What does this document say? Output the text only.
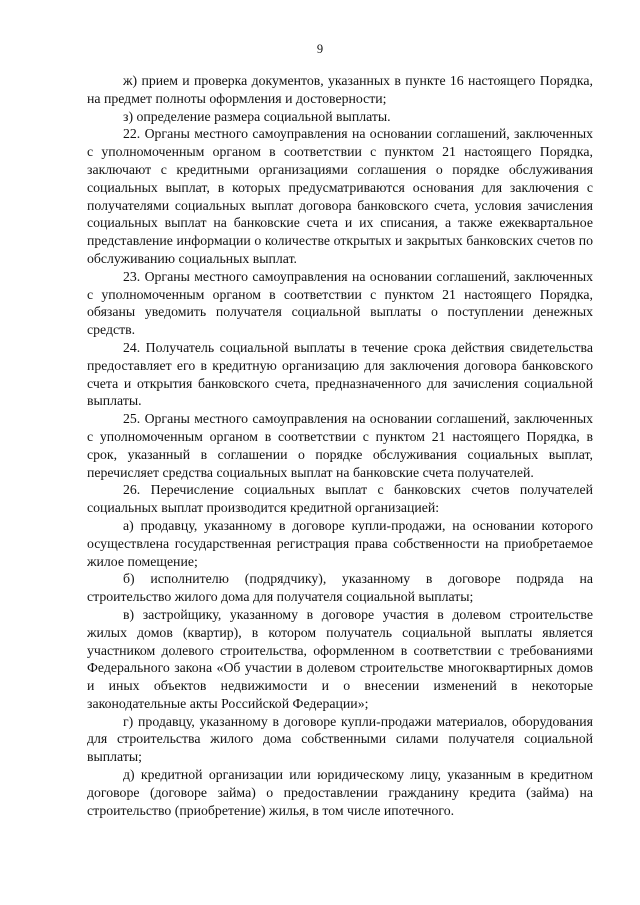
9

ж) прием и проверка документов, указанных в пункте 16 настоящего Порядка, на предмет полноты оформления и достоверности;

з) определение размера социальной выплаты.

22. Органы местного самоуправления на основании соглашений, заключенных с уполномоченным органом в соответствии с пунктом 21 настоящего Порядка, заключают с кредитными организациями соглашения о порядке обслуживания социальных выплат, в которых предусматриваются основания для заключения с получателями социальных выплат договора банковского счета, условия зачисления социальных выплат на банковские счета и их списания, а также ежеквартальное представление информации о количестве открытых и закрытых банковских счетов по обслуживанию социальных выплат.

23. Органы местного самоуправления на основании соглашений, заключенных с уполномоченным органом в соответствии с пунктом 21 настоящего Порядка, обязаны уведомить получателя социальной выплаты о поступлении денежных средств.

24. Получатель социальной выплаты в течение срока действия свидетельства предоставляет его в кредитную организацию для заключения договора банковского счета и открытия банковского счета, предназначенного для зачисления социальной выплаты.

25. Органы местного самоуправления на основании соглашений, заключенных с уполномоченным органом в соответствии с пунктом 21 настоящего Порядка, в срок, указанный в соглашении о порядке обслуживания социальных выплат, перечисляет средства социальных выплат на банковские счета получателей.

26. Перечисление социальных выплат с банковских счетов получателей социальных выплат производится кредитной организацией:

а) продавцу, указанному в договоре купли-продажи, на основании которого осуществлена государственная регистрация права собственности на приобретаемое жилое помещение;

б) исполнителю (подрядчику), указанному в договоре подряда на строительство жилого дома для получателя социальной выплаты;

в) застройщику, указанному в договоре участия в долевом строительстве жилых домов (квартир), в котором получатель социальной выплаты является участником долевого строительства, оформленном в соответствии с требованиями Федерального закона «Об участии в долевом строительстве многоквартирных домов и иных объектов недвижимости и о внесении изменений в некоторые законодательные акты Российской Федерации»;

г) продавцу, указанному в договоре купли-продажи материалов, оборудования для строительства жилого дома собственными силами получателя социальной выплаты;

д) кредитной организации или юридическому лицу, указанным в кредитном договоре (договоре займа) о предоставлении гражданину кредита (займа) на строительство (приобретение) жилья, в том числе ипотечного.
